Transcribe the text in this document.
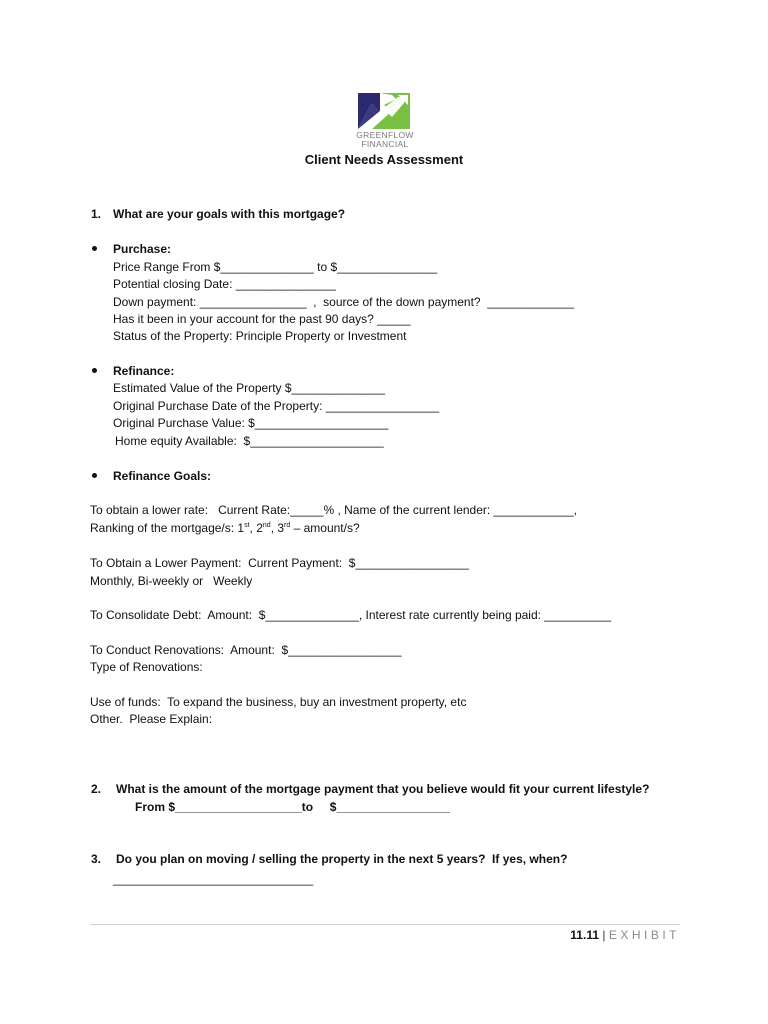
GREENFLOW
FINANCIAL
Client Needs Assessment
1. What are your goals with this mortgage?
Purchase:
Price Range From $______________ to $_______________
Potential closing Date: _______________
Down payment: ________________  ,  source of the down payment?  _____________
Has it been in your account for the past 90 days? _____
Status of the Property: Principle Property or Investment
Refinance:
Estimated Value of the Property $______________
Original Purchase Date of the Property: _________________
Original Purchase Value: $____________________
Home equity Available:  $____________________
Refinance Goals:
To obtain a lower rate:   Current Rate:_____% , Name of the current lender: ____________,
Ranking of the mortgage/s: 1st, 2nd, 3rd – amount/s?
To Obtain a Lower Payment:  Current Payment:  $_________________
Monthly, Bi-weekly or   Weekly
To Consolidate Debt:  Amount:  $______________, Interest rate currently being paid: __________
To Conduct Renovations:  Amount:  $_________________
Type of Renovations:
Use of funds:  To expand the business, buy an investment property, etc
Other.  Please Explain:
2. What is the amount of the mortgage payment that you believe would fit your current lifestyle?
From $___________________to     $_________________
3. Do you plan on moving / selling the property in the next 5 years?  If yes, when?
______________________________
11.11 | EXHIBIT
